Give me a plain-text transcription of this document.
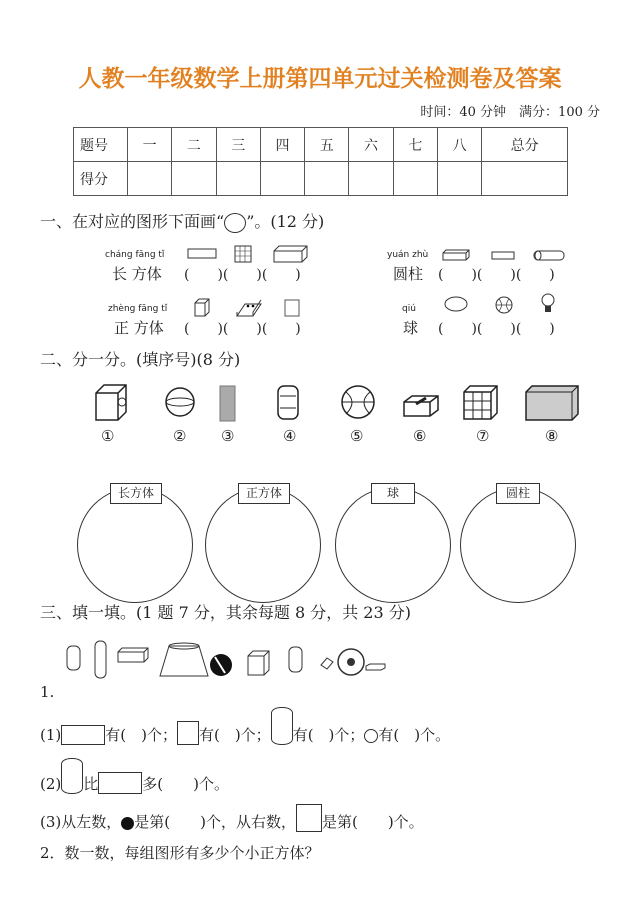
人教一年级数学上册第四单元过关检测卷及答案
时间：40 分钟　满分：100 分
题号	一	二	三	四	五	六	七	八	总分
得分									
一、在对应的图形下面画“ ”。(12 分)
cháng fāng tǐ
长 方体 (　　)(　　)(　　)
yuán zhù
圆柱 (　　)(　　)(　　)
zhèng fāng tǐ
正 方体 (　　)(　　)(　　)
qiú
球 (　　)(　　)(　　)
二、分一分。(填序号)(8 分)
①	② ③	④	⑤	⑥	⑦	⑧
长方体	正方体	球	圆柱
三、填一填。(1 题 7 分，其余每题 8 分，共 23 分)
1.
(1)	有(　)个； 有(　)个； 有(　)个； 有(　)个。
(2) 比	多(　　)个。
(3)从左数， 是第(　　)个，从右数， 是第(　　)个。
2．数一数，每组图形有多少个小正方体？
